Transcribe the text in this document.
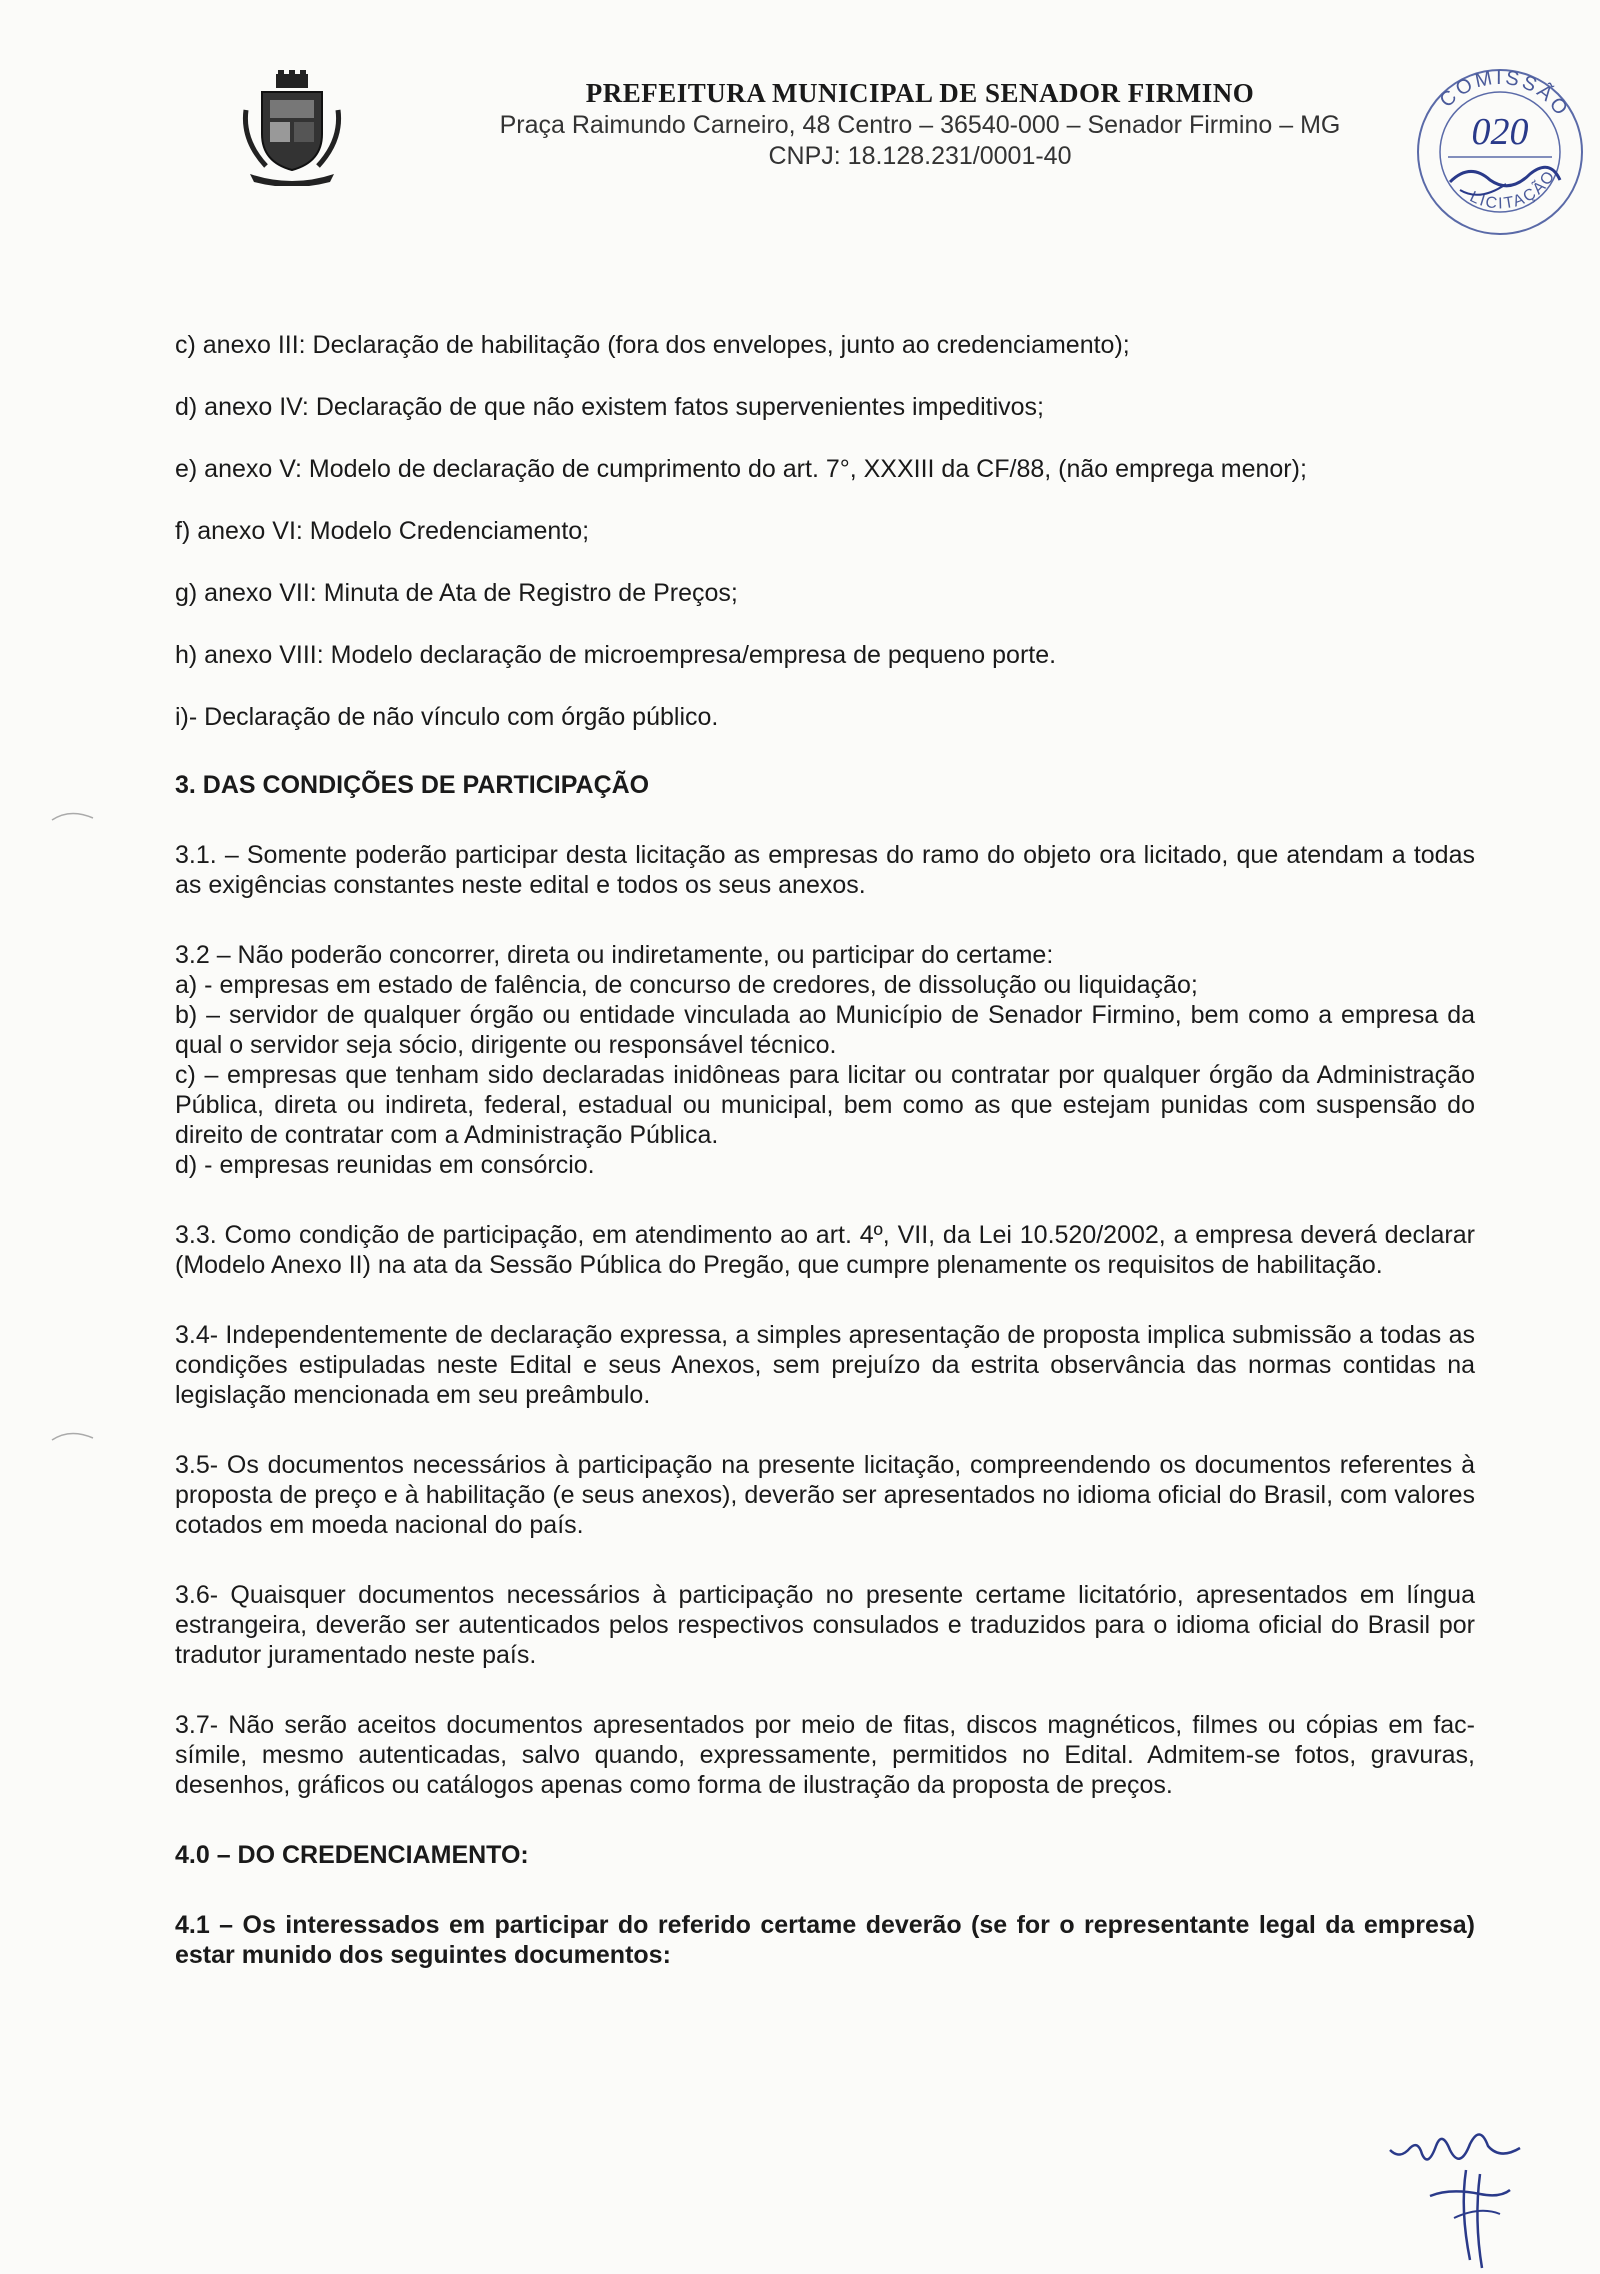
PREFEITURA MUNICIPAL DE SENADOR FIRMINO
Praça Raimundo Carneiro, 48 Centro – 36540-000 – Senador Firmino – MG
CNPJ: 18.128.231/0001-40
COMISSÃO
LICITAÇÃO
020
c) anexo III: Declaração de habilitação (fora dos envelopes, junto ao credenciamento);
d) anexo IV: Declaração de que não existem fatos supervenientes impeditivos;
e) anexo V: Modelo de declaração de cumprimento do art. 7°, XXXIII da CF/88, (não emprega menor);
f) anexo VI: Modelo Credenciamento;
g) anexo VII: Minuta de Ata de Registro de Preços;
h) anexo VIII: Modelo declaração de microempresa/empresa de pequeno porte.
i)- Declaração de não vínculo com órgão público.
3. DAS CONDIÇÕES DE PARTICIPAÇÃO
3.1. – Somente poderão participar desta licitação as empresas do ramo do objeto ora licitado, que atendam a todas as exigências constantes neste edital e todos os seus anexos.
3.2 – Não poderão concorrer, direta ou indiretamente, ou participar do certame:
a) - empresas em estado de falência, de concurso de credores, de dissolução ou liquidação;
b) – servidor de qualquer órgão ou entidade vinculada ao Município de Senador Firmino, bem como a empresa da qual o servidor seja sócio, dirigente ou responsável técnico.
c) – empresas que tenham sido declaradas inidôneas para licitar ou contratar por qualquer órgão da Administração Pública, direta ou indireta, federal, estadual ou municipal, bem como as que estejam punidas com suspensão do direito de contratar com a Administração Pública.
d) - empresas reunidas em consórcio.
3.3. Como condição de participação, em atendimento ao art. 4º, VII, da Lei 10.520/2002, a empresa deverá declarar (Modelo Anexo II) na ata da Sessão Pública do Pregão, que cumpre plenamente os requisitos de habilitação.
3.4- Independentemente de declaração expressa, a simples apresentação de proposta implica submissão a todas as condições estipuladas neste Edital e seus Anexos, sem prejuízo da estrita observância das normas contidas na legislação mencionada em seu preâmbulo.
3.5- Os documentos necessários à participação na presente licitação, compreendendo os documentos referentes à proposta de preço e à habilitação (e seus anexos), deverão ser apresentados no idioma oficial do Brasil, com valores cotados em moeda nacional do país.
3.6- Quaisquer documentos necessários à participação no presente certame licitatório, apresentados em língua estrangeira, deverão ser autenticados pelos respectivos consulados e traduzidos para o idioma oficial do Brasil por tradutor juramentado neste país.
3.7- Não serão aceitos documentos apresentados por meio de fitas, discos magnéticos, filmes ou cópias em fac-símile, mesmo autenticadas, salvo quando, expressamente, permitidos no Edital. Admitem-se fotos, gravuras, desenhos, gráficos ou catálogos apenas como forma de ilustração da proposta de preços.
4.0 – DO CREDENCIAMENTO:
4.1 – Os interessados em participar do referido certame deverão (se for o representante legal da empresa) estar munido dos seguintes documentos:
